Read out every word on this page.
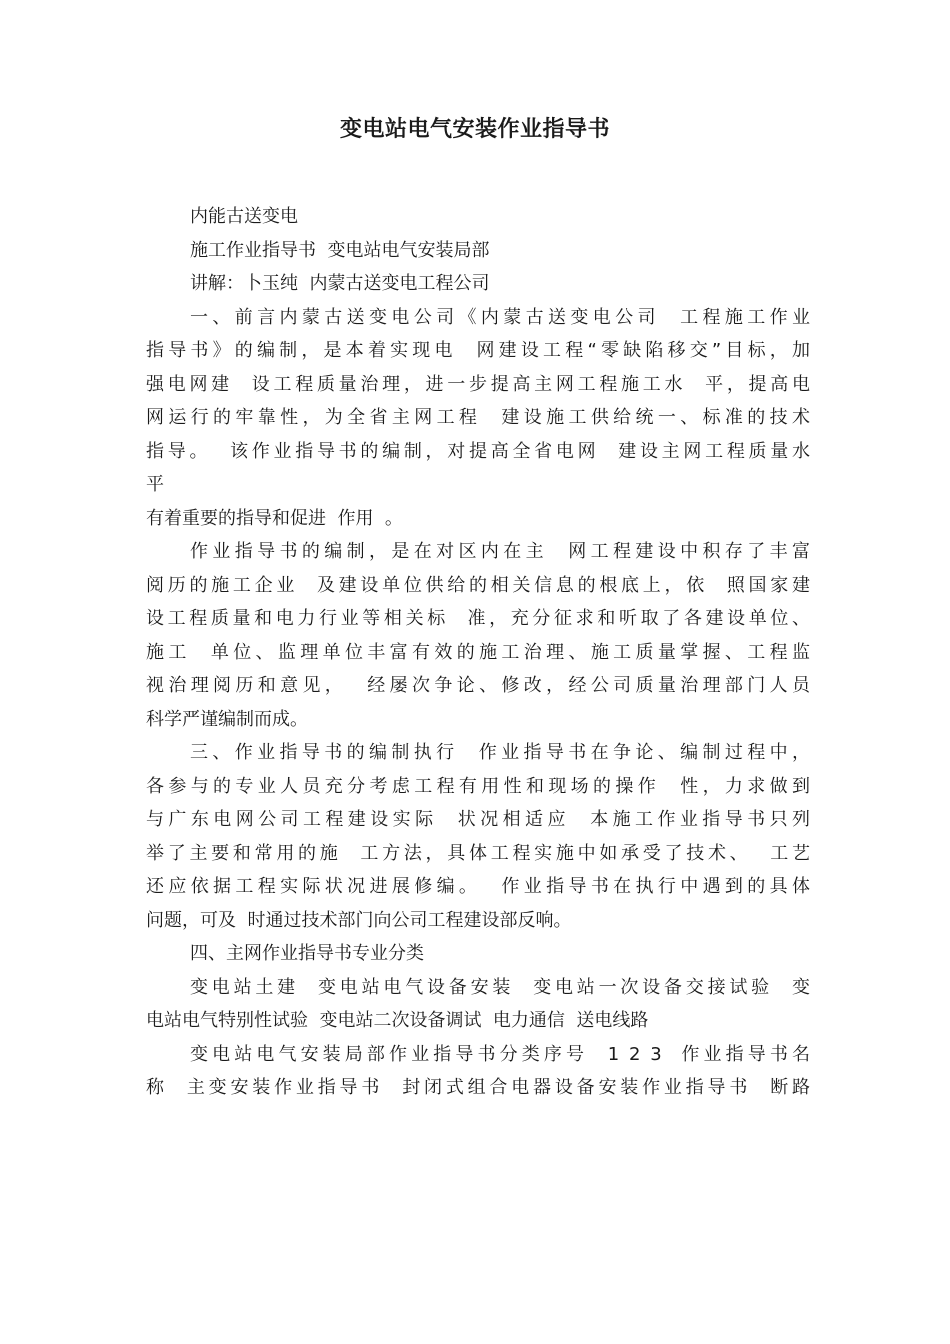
变电站电气安装作业指导书
内能古送变电
施工作业指导书  变电站电气安装局部
讲解：卜玉纯  内蒙古送变电工程公司
一、前言内蒙古送变电公司《内蒙古送变电公司  工程施工作业
指导书》的编制，是本着实现电  网建设工程“零缺陷移交”目标，加
强电网建  设工程质量治理，进一步提高主网工程施工水  平，提高电
网运行的牢靠性，为全省主网工程  建设施工供给统一、标准的技术
指导。  该作业指导书的编制，对提高全省电网  建设主网工程质量水
平
有着重要的指导和促进  作用  。
作业指导书的编制，是在对区内在主  网工程建设中积存了丰富
阅历的施工企业  及建设单位供给的相关信息的根底上，依  照国家建
设工程质量和电力行业等相关标  准，充分征求和听取了各建设单位、
施工  单位、监理单位丰富有效的施工治理、施工质量掌握、工程监
视治理阅历和意见，  经屡次争论、修改，经公司质量治理部门人员
科学严谨编制而成。
三、作业指导书的编制执行  作业指导书在争论、编制过程中，
各参与的专业人员充分考虑工程有用性和现场的操作  性，力求做到
与广东电网公司工程建设实际  状况相适应  本施工作业指导书只列
举了主要和常用的施  工方法，具体工程实施中如承受了技术、  工艺
还应依据工程实际状况进展修编。  作业指导书在执行中遇到的具体
问题，可及  时通过技术部门向公司工程建设部反响。
四、主网作业指导书专业分类
变电站土建  变电站电气设备安装  变电站一次设备交接试验  变
电站电气特别性试验  变电站二次设备调试  电力通信  送电线路
变电站电气安装局部作业指导书分类序号  1 2 3  作业指导书名
称  主变安装作业指导书  封闭式组合电器设备安装作业指导书  断路
